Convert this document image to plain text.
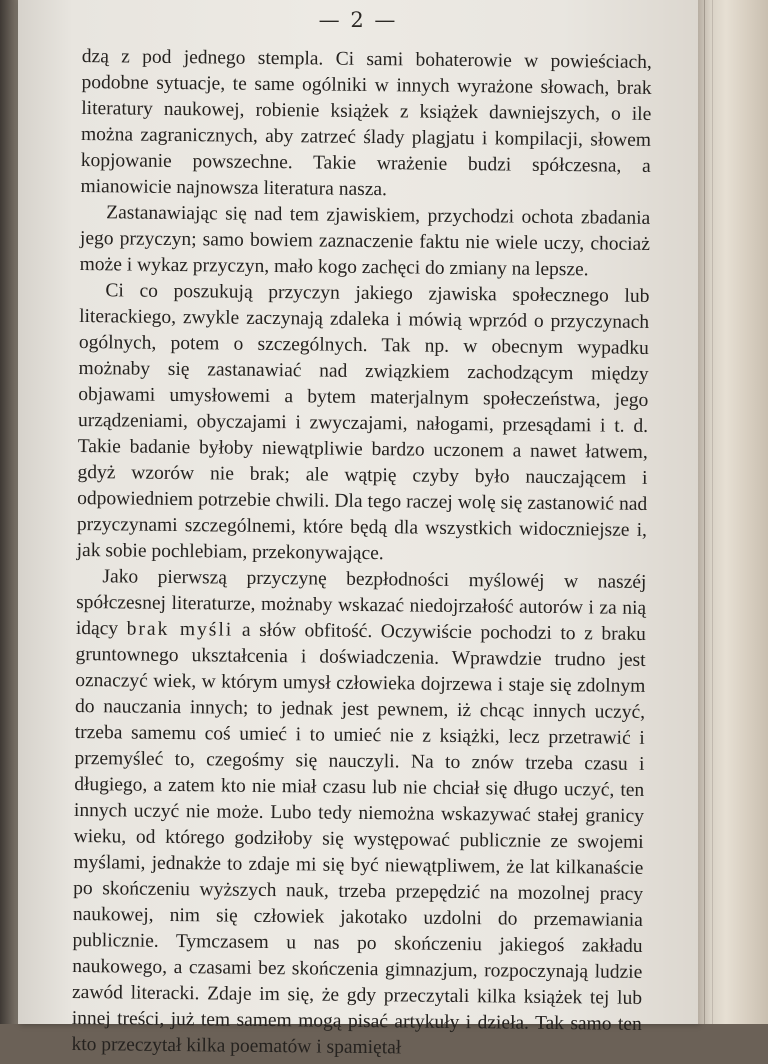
— 2 —

dzą z pod jednego stempla. Ci sami bohaterowie w powieściach, podobne sytuacje, te same ogólniki w innych wyrażone słowach, brak literatury naukowej, robienie książek z książek dawniejszych, o ile można zagranicznych, aby zatrzeć ślady plagjatu i kompilacji, słowem kopjowanie powszechne. Takie wrażenie budzi spółczesna, a mianowicie najnowsza literatura nasza.

Zastanawiając się nad tem zjawiskiem, przychodzi ochota zbadania jego przyczyn; samo bowiem zaznaczenie faktu nie wiele uczy, chociaż może i wykaz przyczyn, mało kogo zachęci do zmiany na lepsze.

Ci co poszukują przyczyn jakiego zjawiska społecznego lub literackiego, zwykle zaczynają zdaleka i mówią wprzód o przyczynach ogólnych, potem o szczególnych. Tak np. w obecnym wypadku możnaby się zastanawiać nad związkiem zachodzącym między objawami umysłowemi a bytem materjalnym społeczeństwa, jego urządzeniami, obyczajami i zwyczajami, nałogami, przesądami i t. d. Takie badanie byłoby niewątpliwie bardzo uczonem a nawet łatwem, gdyż wzorów nie brak; ale wątpię czyby było nauczającem i odpowiedniem potrzebie chwili. Dla tego raczej wolę się zastanowić nad przyczynami szczególnemi, które będą dla wszystkich widoczniejsze i, jak sobie pochlebiam, przekonywające.

Jako pierwszą przyczynę bezpłodności myślowéj w naszéj spółczesnej literaturze, możnaby wskazać niedojrzałość autorów i za nią idący brak myśli a słów obfitość. Oczywiście pochodzi to z braku gruntownego ukształcenia i doświadczenia. Wprawdzie trudno jest oznaczyć wiek, w którym umysł człowieka dojrzewa i staje się zdolnym do nauczania innych; to jednak jest pewnem, iż chcąc innych uczyć, trzeba samemu coś umieć i to umieć nie z książki, lecz przetrawić i przemyśleć to, czegośmy się nauczyli. Na to znów trzeba czasu i długiego, a zatem kto nie miał czasu lub nie chciał się długo uczyć, ten innych uczyć nie może. Lubo tedy niemożna wskazywać stałej granicy wieku, od którego godziłoby się występować publicznie ze swojemi myślami, jednakże to zdaje mi się być niewątpliwem, że lat kilkanaście po skończeniu wyższych nauk, trzeba przepędzić na mozolnej pracy naukowej, nim się człowiek jakotako uzdolni do przemawiania publicznie. Tymczasem u nas po skończeniu jakiegoś zakładu naukowego, a czasami bez skończenia gimnazjum, rozpoczynają ludzie zawód literacki. Zdaje im się, że gdy przeczytali kilka książek tej lub innej treści, już tem samem mogą pisać artykuły i dzieła. Tak samo ten kto przeczytał kilka poematów i spamiętał
